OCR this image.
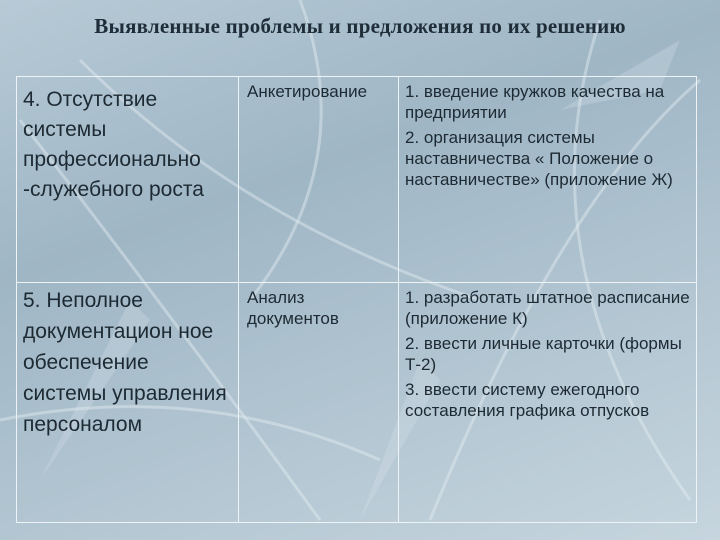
Выявленные проблемы и предложения по их решению
4. Отсутствие системы профессионально -служебного роста	Анкетирование	1. введение кружков качества на предприятии
2. организация системы наставничества « Положение о наставничестве» (приложение Ж)

5. Неполное документацион ное обеспечение системы управления персоналом	Анализ документов	1. разработать штатное расписание (приложение К)
2. ввести личные карточки (формы Т-2)
3. ввести систему ежегодного составления графика отпусков
